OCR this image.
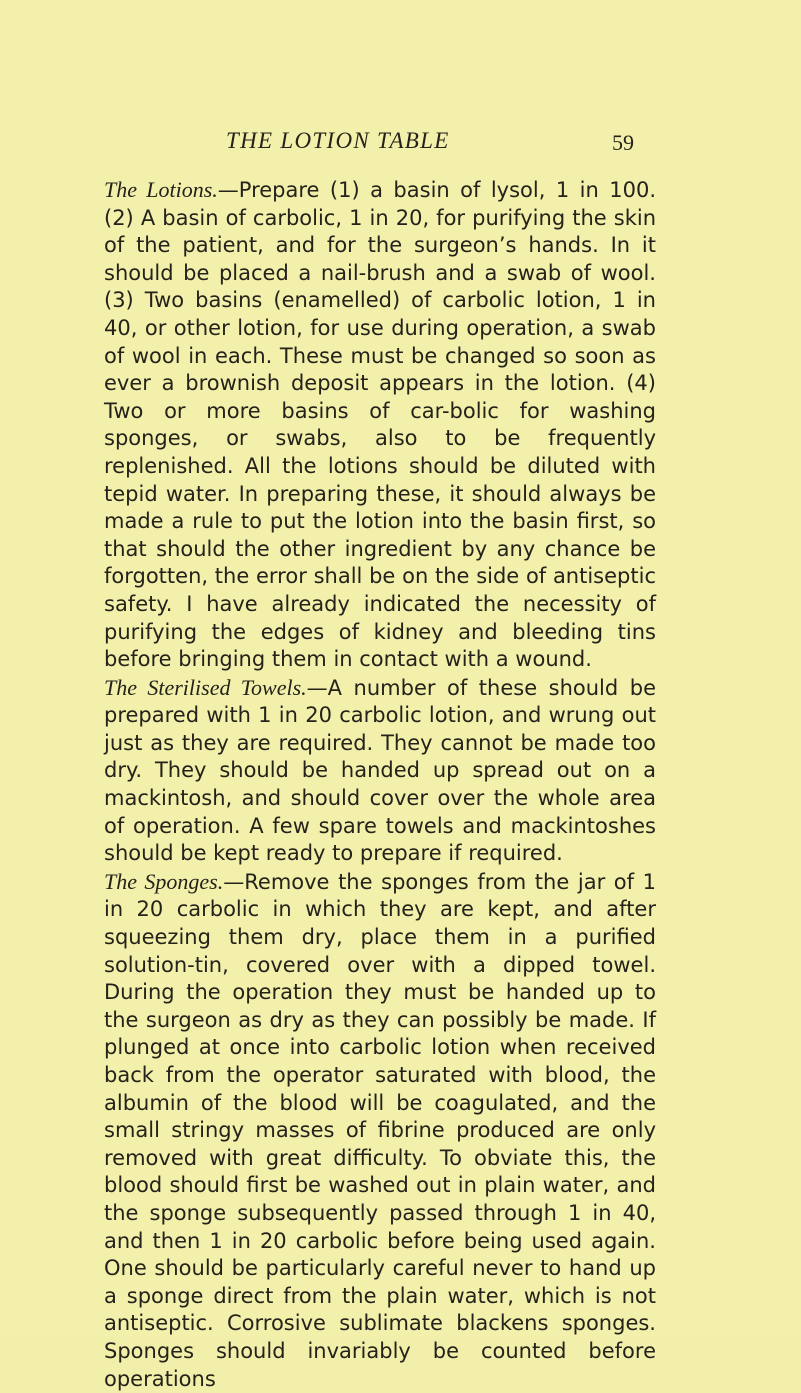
THE LOTION TABLE	59

The Lotions.—Prepare (1) a basin of lysol, 1 in 100. (2) A basin of carbolic, 1 in 20, for purifying the skin of the patient, and for the surgeon’s hands. In it should be placed a nail-brush and a swab of wool. (3) Two basins (enamelled) of carbolic lotion, 1 in 40, or other lotion, for use during operation, a swab of wool in each. These must be changed so soon as ever a brownish deposit appears in the lotion. (4) Two or more basins of car-bolic for washing sponges, or swabs, also to be frequently replenished. All the lotions should be diluted with tepid water. In preparing these, it should always be made a rule to put the lotion into the basin first, so that should the other ingredient by any chance be forgotten, the error shall be on the side of antiseptic safety. I have already indicated the necessity of purifying the edges of kidney and bleeding tins before bringing them in contact with a wound.

The Sterilised Towels.—A number of these should be prepared with 1 in 20 carbolic lotion, and wrung out just as they are required. They cannot be made too dry. They should be handed up spread out on a mackintosh, and should cover over the whole area of operation. A few spare towels and mackintoshes should be kept ready to prepare if required.

The Sponges.—Remove the sponges from the jar of 1 in 20 carbolic in which they are kept, and after squeezing them dry, place them in a purified solution-tin, covered over with a dipped towel. During the operation they must be handed up to the surgeon as dry as they can possibly be made. If plunged at once into carbolic lotion when received back from the operator saturated with blood, the albumin of the blood will be coagulated, and the small stringy masses of fibrine produced are only removed with great difficulty. To obviate this, the blood should first be washed out in plain water, and the sponge subsequently passed through 1 in 40, and then 1 in 20 carbolic before being used again. One should be particularly careful never to hand up a sponge direct from the plain water, which is not antiseptic. Corrosive sublimate blackens sponges. Sponges should invariably be counted before operations
